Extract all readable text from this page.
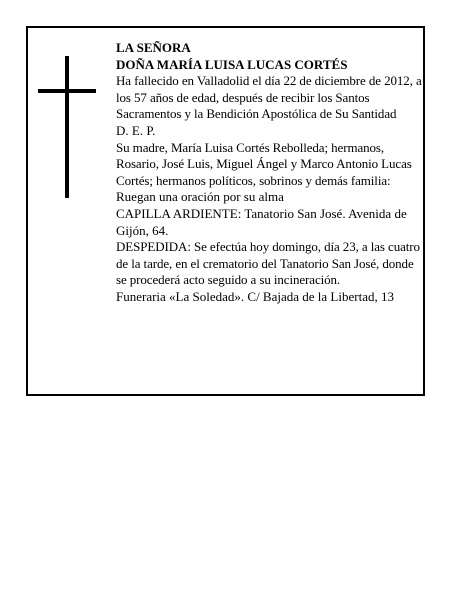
LA SEÑORA

DOÑA MARÍA LUISA LUCAS CORTÉS

Ha fallecido en Valladolid el día 22 de diciembre de 2012, a los 57 años de edad, después de recibir los Santos Sacramentos y la Bendición Apostólica de Su Santidad

D. E. P.

Su madre, María Luisa Cortés Rebolleda; hermanos, Rosario, José Luis, Miguel Ángel y Marco Antonio Lucas Cortés; hermanos políticos, sobrinos y demás familia:

Ruegan una oración por su alma

CAPILLA ARDIENTE: Tanatorio San José. Avenida de Gijón, 64.

DESPEDIDA: Se efectúa hoy domingo, día 23, a las cuatro de la tarde, en el crematorio del Tanatorio San José, donde se procederá acto seguido a su incineración.

Funeraria «La Soledad». C/ Bajada de la Libertad, 13
